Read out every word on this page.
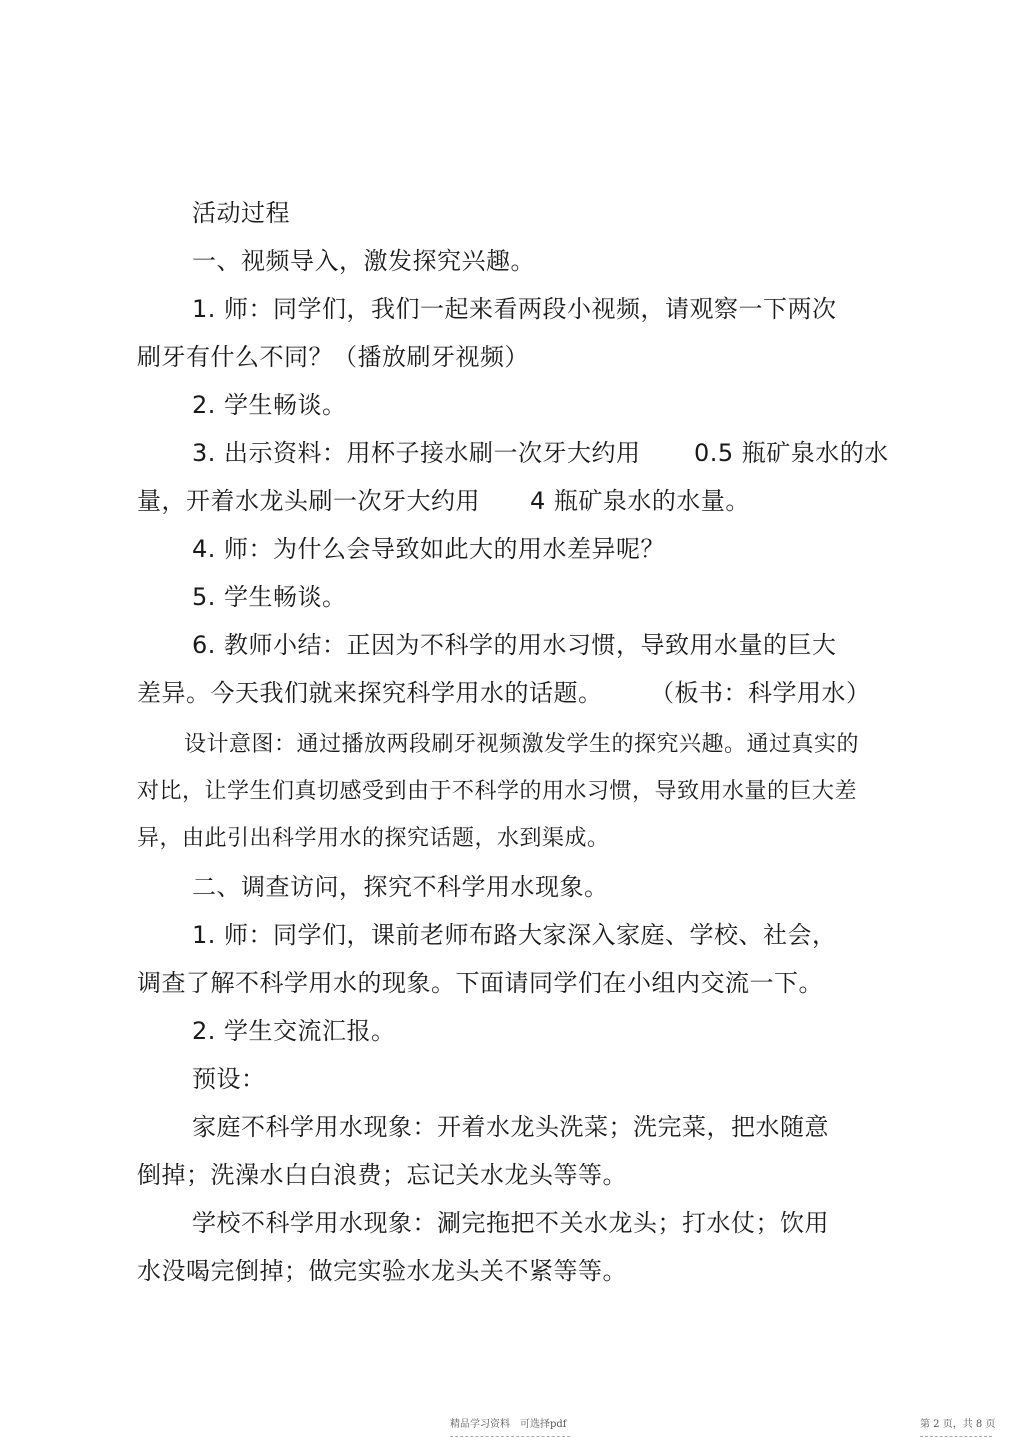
活动过程
一、视频导入，激发探究兴趣。
1. 师：同学们，我们一起来看两段小视频，请观察一下两次
刷牙有什么不同？（播放刷牙视频）
2. 学生畅谈。
3. 出示资料：用杯子接水刷一次牙大约用 0.5 瓶矿泉水的水
量，开着水龙头刷一次牙大约用 4 瓶矿泉水的水量。
4. 师：为什么会导致如此大的用水差异呢？
5. 学生畅谈。
6. 教师小结：正因为不科学的用水习惯，导致用水量的巨大
差异。今天我们就来探究科学用水的话题。 （板书：科学用水）
设计意图：通过播放两段刷牙视频激发学生的探究兴趣。通过真实的
对比，让学生们真切感受到由于不科学的用水习惯，导致用水量的巨大差
异，由此引出科学用水的探究话题，水到渠成。
二、调查访问，探究不科学用水现象。
1. 师：同学们，课前老师布路大家深入家庭、学校、社会，
调查了解不科学用水的现象。下面请同学们在小组内交流一下。
2. 学生交流汇报。
预设：
家庭不科学用水现象：开着水龙头洗菜；洗完菜，把水随意
倒掉；洗澡水白白浪费；忘记关水龙头等等。
学校不科学用水现象：涮完拖把不关水龙头；打水仗；饮用
水没喝完倒掉；做完实验水龙头关不紧等等。
精品学习资料　可选择pdf	第 2 页，共 8 页
